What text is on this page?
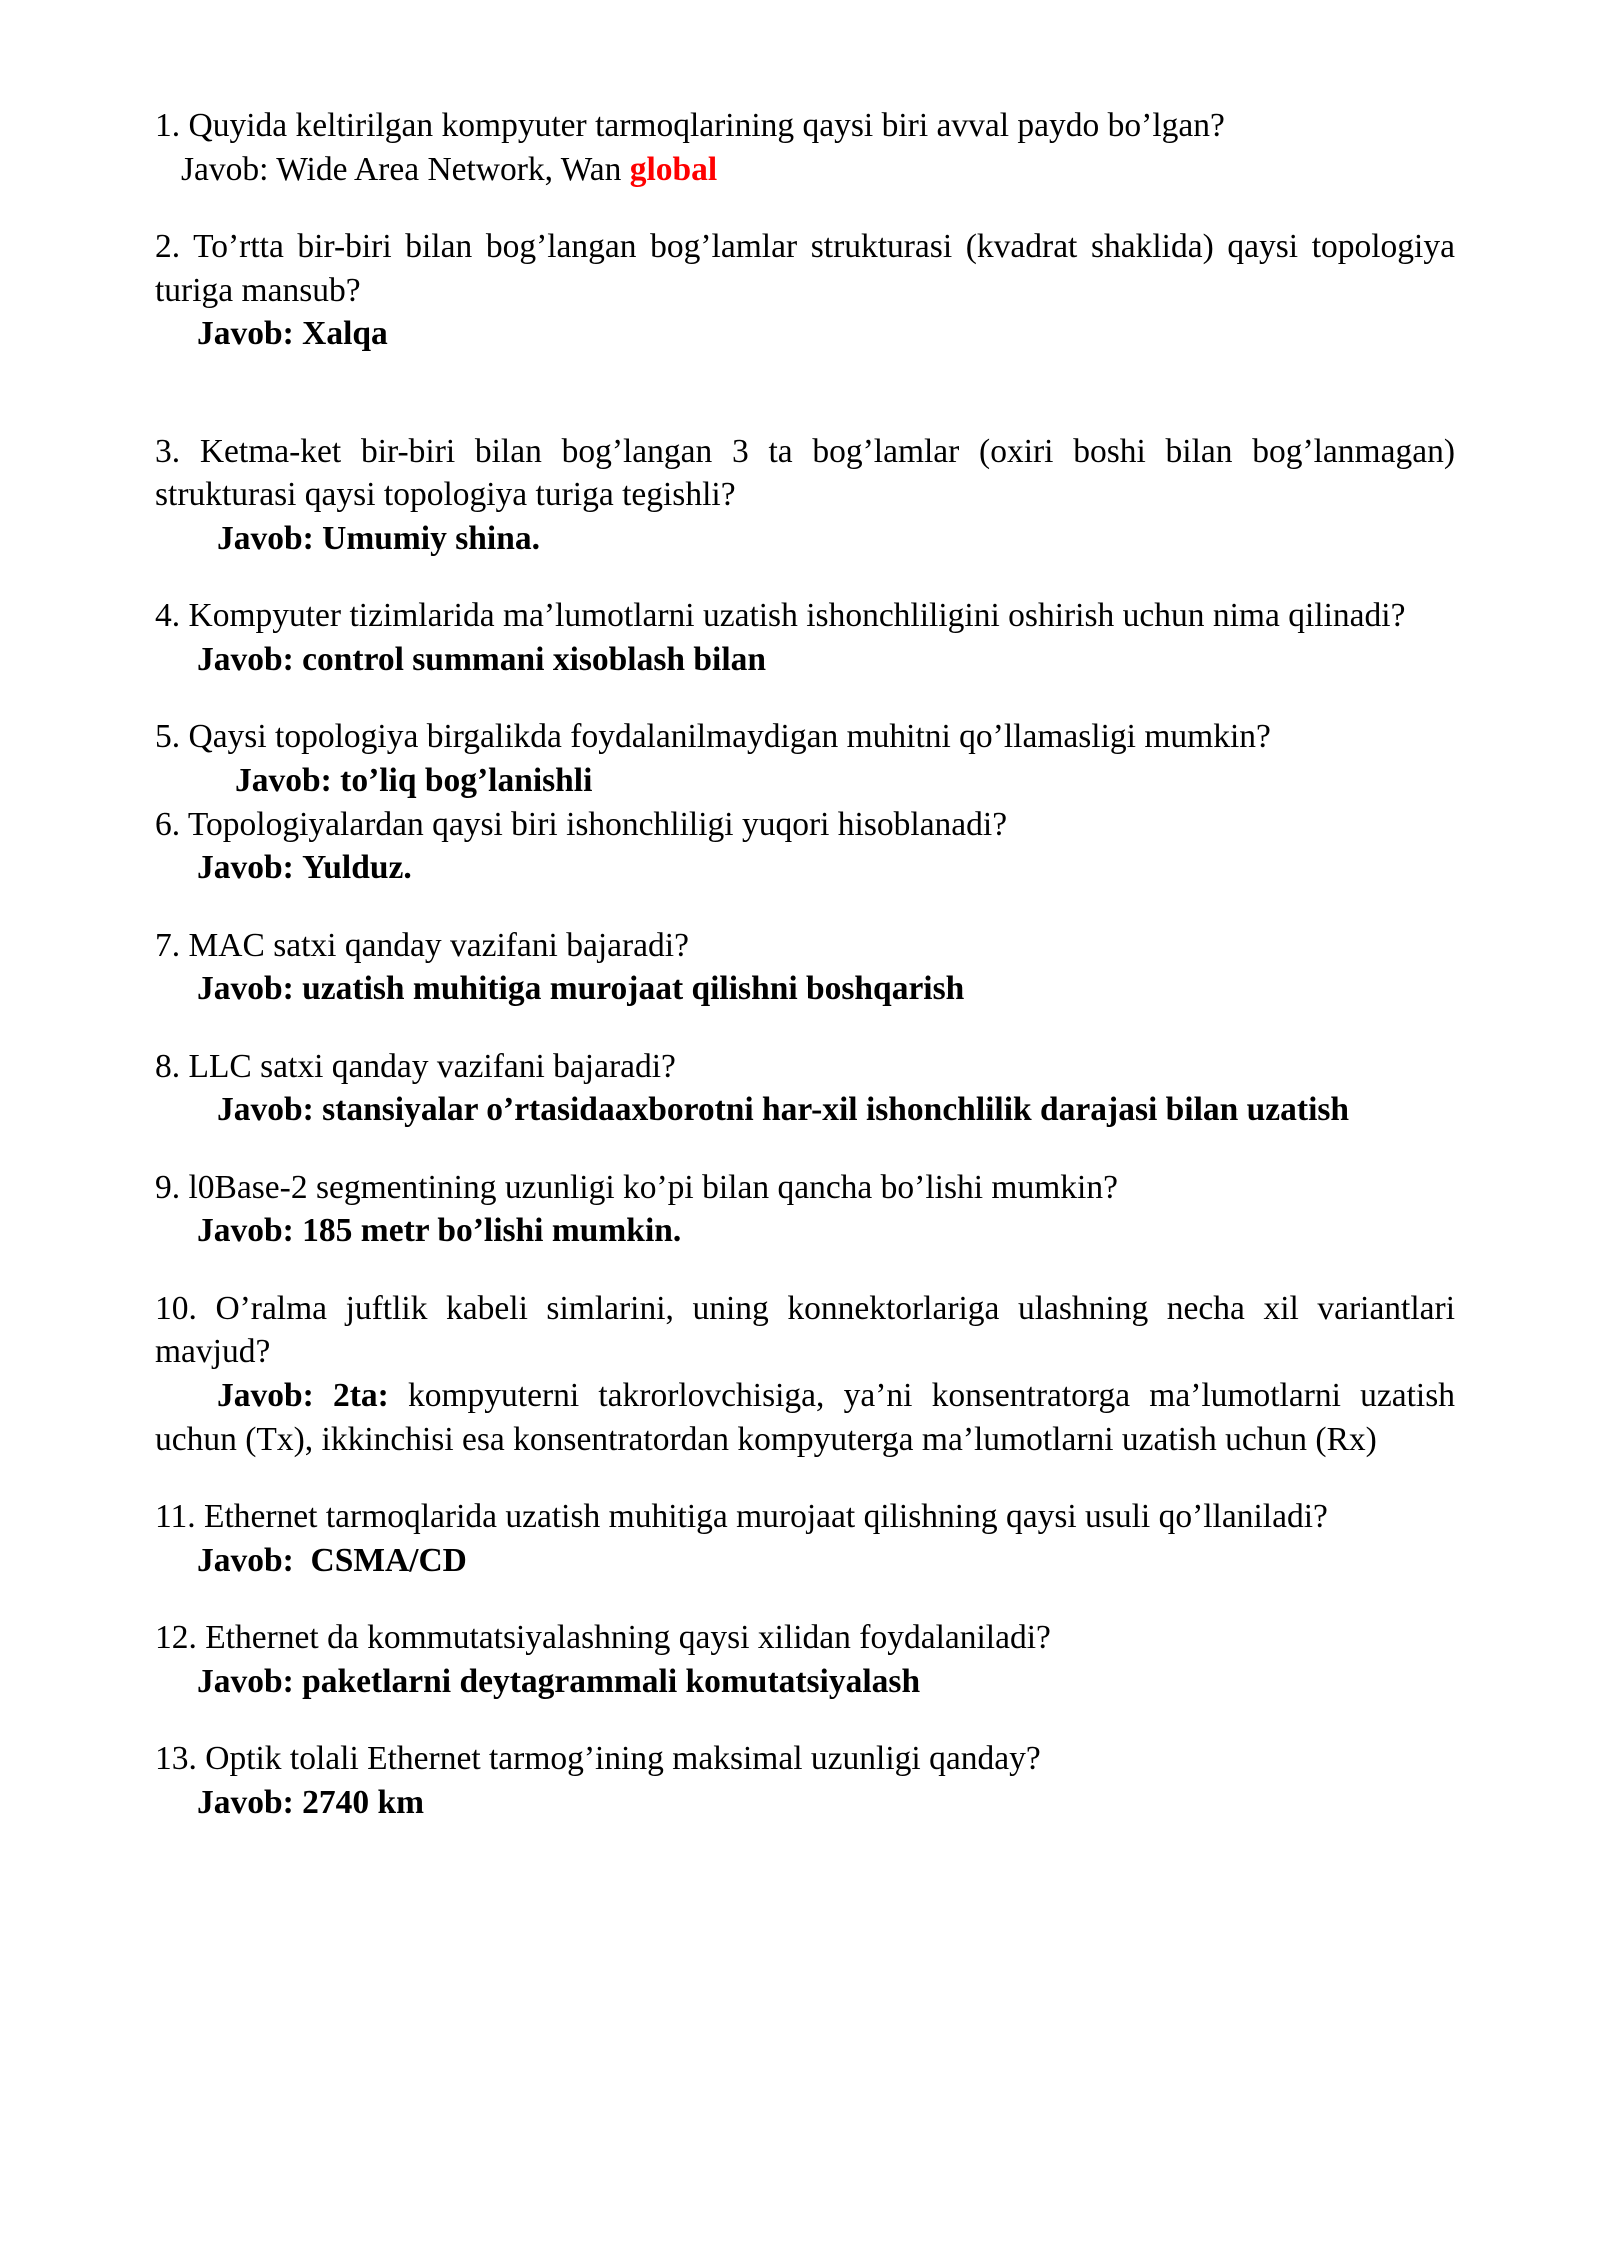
1. Quyida keltirilgan kompyuter tarmoqlarining qaysi biri avval paydo bo’lgan?
Javob: Wide Area Network, Wan global

2. To’rtta bir-biri bilan bog’langan bog’lamlar strukturasi (kvadrat shaklida) qaysi topologiya turiga mansub?

Javob: Xalqa

3. Ketma-ket bir-biri bilan bog’langan 3 ta bog’lamlar (oxiri boshi bilan bog’lanmagan) strukturasi qaysi topologiya turiga tegishli?

Javob: Umumiy shina.

4. Kompyuter tizimlarida ma’lumotlarni uzatish ishonchliligini oshirish uchun nima qilinadi?

Javob: control summani xisoblash bilan

5. Qaysi topologiya birgalikda foydalanilmaydigan muhitni qo’llamasligi mumkin?

Javob: to’liq bog’lanishli

6. Topologiyalardan qaysi biri ishonchliligi yuqori hisoblanadi?

Javob: Yulduz.

7. MAC satxi qanday vazifani bajaradi?

Javob: uzatish muhitiga murojaat qilishni boshqarish

8. LLC satxi qanday vazifani bajaradi?

Javob: stansiyalar o’rtasidaaxborotni har-xil ishonchlilik darajasi bilan uzatish

9. l0Base-2 segmentining uzunligi ko’pi bilan qancha bo’lishi mumkin?

Javob: 185 metr bo’lishi mumkin.

10. O’ralma juftlik kabeli simlarini, uning konnektorlariga ulashning necha xil variantlari mavjud?

Javob: 2ta: kompyuterni takrorlovchisiga, ya’ni konsentratorga ma’lumotlarni uzatish uchun (Tx), ikkinchisi esa konsentratordan kompyuterga ma’lumotlarni uzatish uchun (Rx)

11. Ethernet tarmoqlarida uzatish muhitiga murojaat qilishning qaysi usuli qo’llaniladi?

Javob: CSMA/CD

12. Ethernet da kommutatsiyalashning qaysi xilidan foydalaniladi?

Javob: paketlarni deytagrammali komutatsiyalash

13. Optik tolali Ethernet tarmog’ining maksimal uzunligi qanday?

Javob: 2740 km
